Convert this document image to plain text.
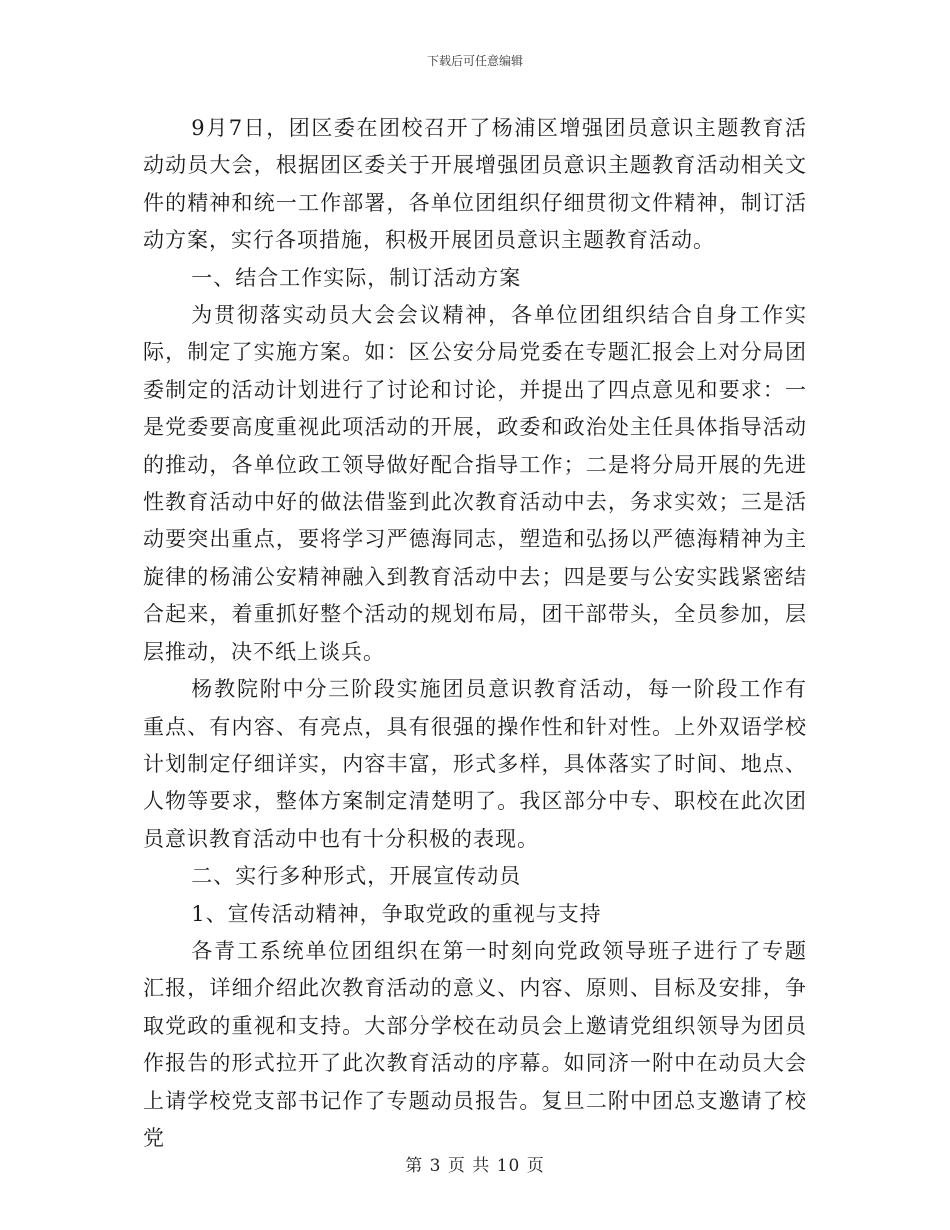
下载后可任意编辑

9月7日，团区委在团校召开了杨浦区增强团员意识主题教育活动动员大会，根据团区委关于开展增强团员意识主题教育活动相关文件的精神和统一工作部署，各单位团组织仔细贯彻文件精神，制订活动方案，实行各项措施，积极开展团员意识主题教育活动。

一、结合工作实际，制订活动方案

为贯彻落实动员大会会议精神，各单位团组织结合自身工作实际，制定了实施方案。如：区公安分局党委在专题汇报会上对分局团委制定的活动计划进行了讨论和讨论，并提出了四点意见和要求：一是党委要高度重视此项活动的开展，政委和政治处主任具体指导活动的推动，各单位政工领导做好配合指导工作；二是将分局开展的先进性教育活动中好的做法借鉴到此次教育活动中去，务求实效；三是活动要突出重点，要将学习严德海同志，塑造和弘扬以严德海精神为主旋律的杨浦公安精神融入到教育活动中去；四是要与公安实践紧密结合起来，着重抓好整个活动的规划布局，团干部带头，全员参加，层层推动，决不纸上谈兵。

杨教院附中分三阶段实施团员意识教育活动，每一阶段工作有重点、有内容、有亮点，具有很强的操作性和针对性。上外双语学校计划制定仔细详实，内容丰富，形式多样，具体落实了时间、地点、人物等要求，整体方案制定清楚明了。我区部分中专、职校在此次团员意识教育活动中也有十分积极的表现。

二、实行多种形式，开展宣传动员

1、宣传活动精神，争取党政的重视与支持

各青工系统单位团组织在第一时刻向党政领导班子进行了专题汇报，详细介绍此次教育活动的意义、内容、原则、目标及安排，争取党政的重视和支持。大部分学校在动员会上邀请党组织领导为团员作报告的形式拉开了此次教育活动的序幕。如同济一附中在动员大会上请学校党支部书记作了专题动员报告。复旦二附中团总支邀请了校党

第 3 页 共 10 页
